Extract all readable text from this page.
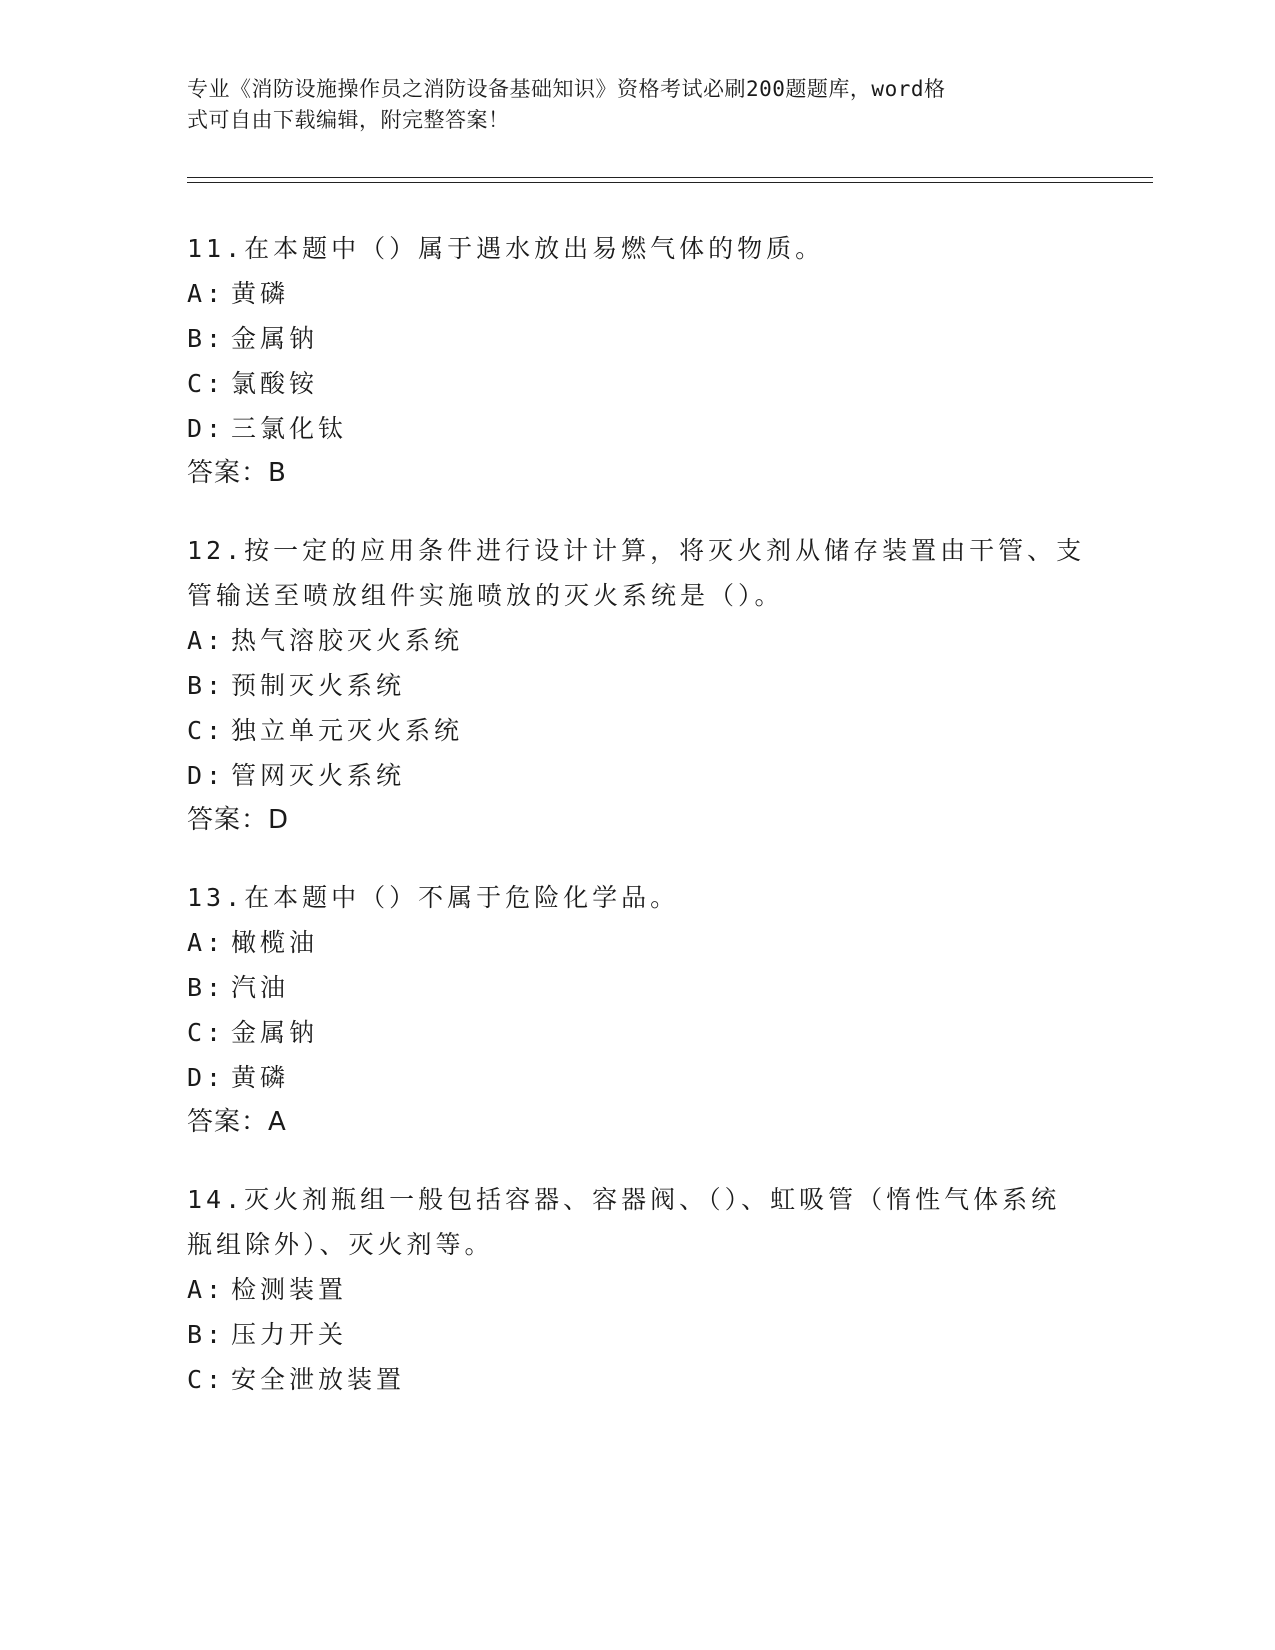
专业《消防设施操作员之消防设备基础知识》资格考试必刷200题题库，word格
式可自由下载编辑，附完整答案！
11.在本题中（）属于遇水放出易燃气体的物质。
A: 黄磷
B: 金属钠
C: 氯酸铵
D: 三氯化钛
答案：B
12.按一定的应用条件进行设计计算，将灭火剂从储存装置由干管、支管输送至喷放组件实施喷放的灭火系统是（）。
A: 热气溶胶灭火系统
B: 预制灭火系统
C: 独立单元灭火系统
D: 管网灭火系统
答案：D
13.在本题中（）不属于危险化学品。
A: 橄榄油
B: 汽油
C: 金属钠
D: 黄磷
答案：A
14.灭火剂瓶组一般包括容器、容器阀、（）、虹吸管（惰性气体系统瓶组除外）、灭火剂等。
A: 检测装置
B: 压力开关
C: 安全泄放装置
